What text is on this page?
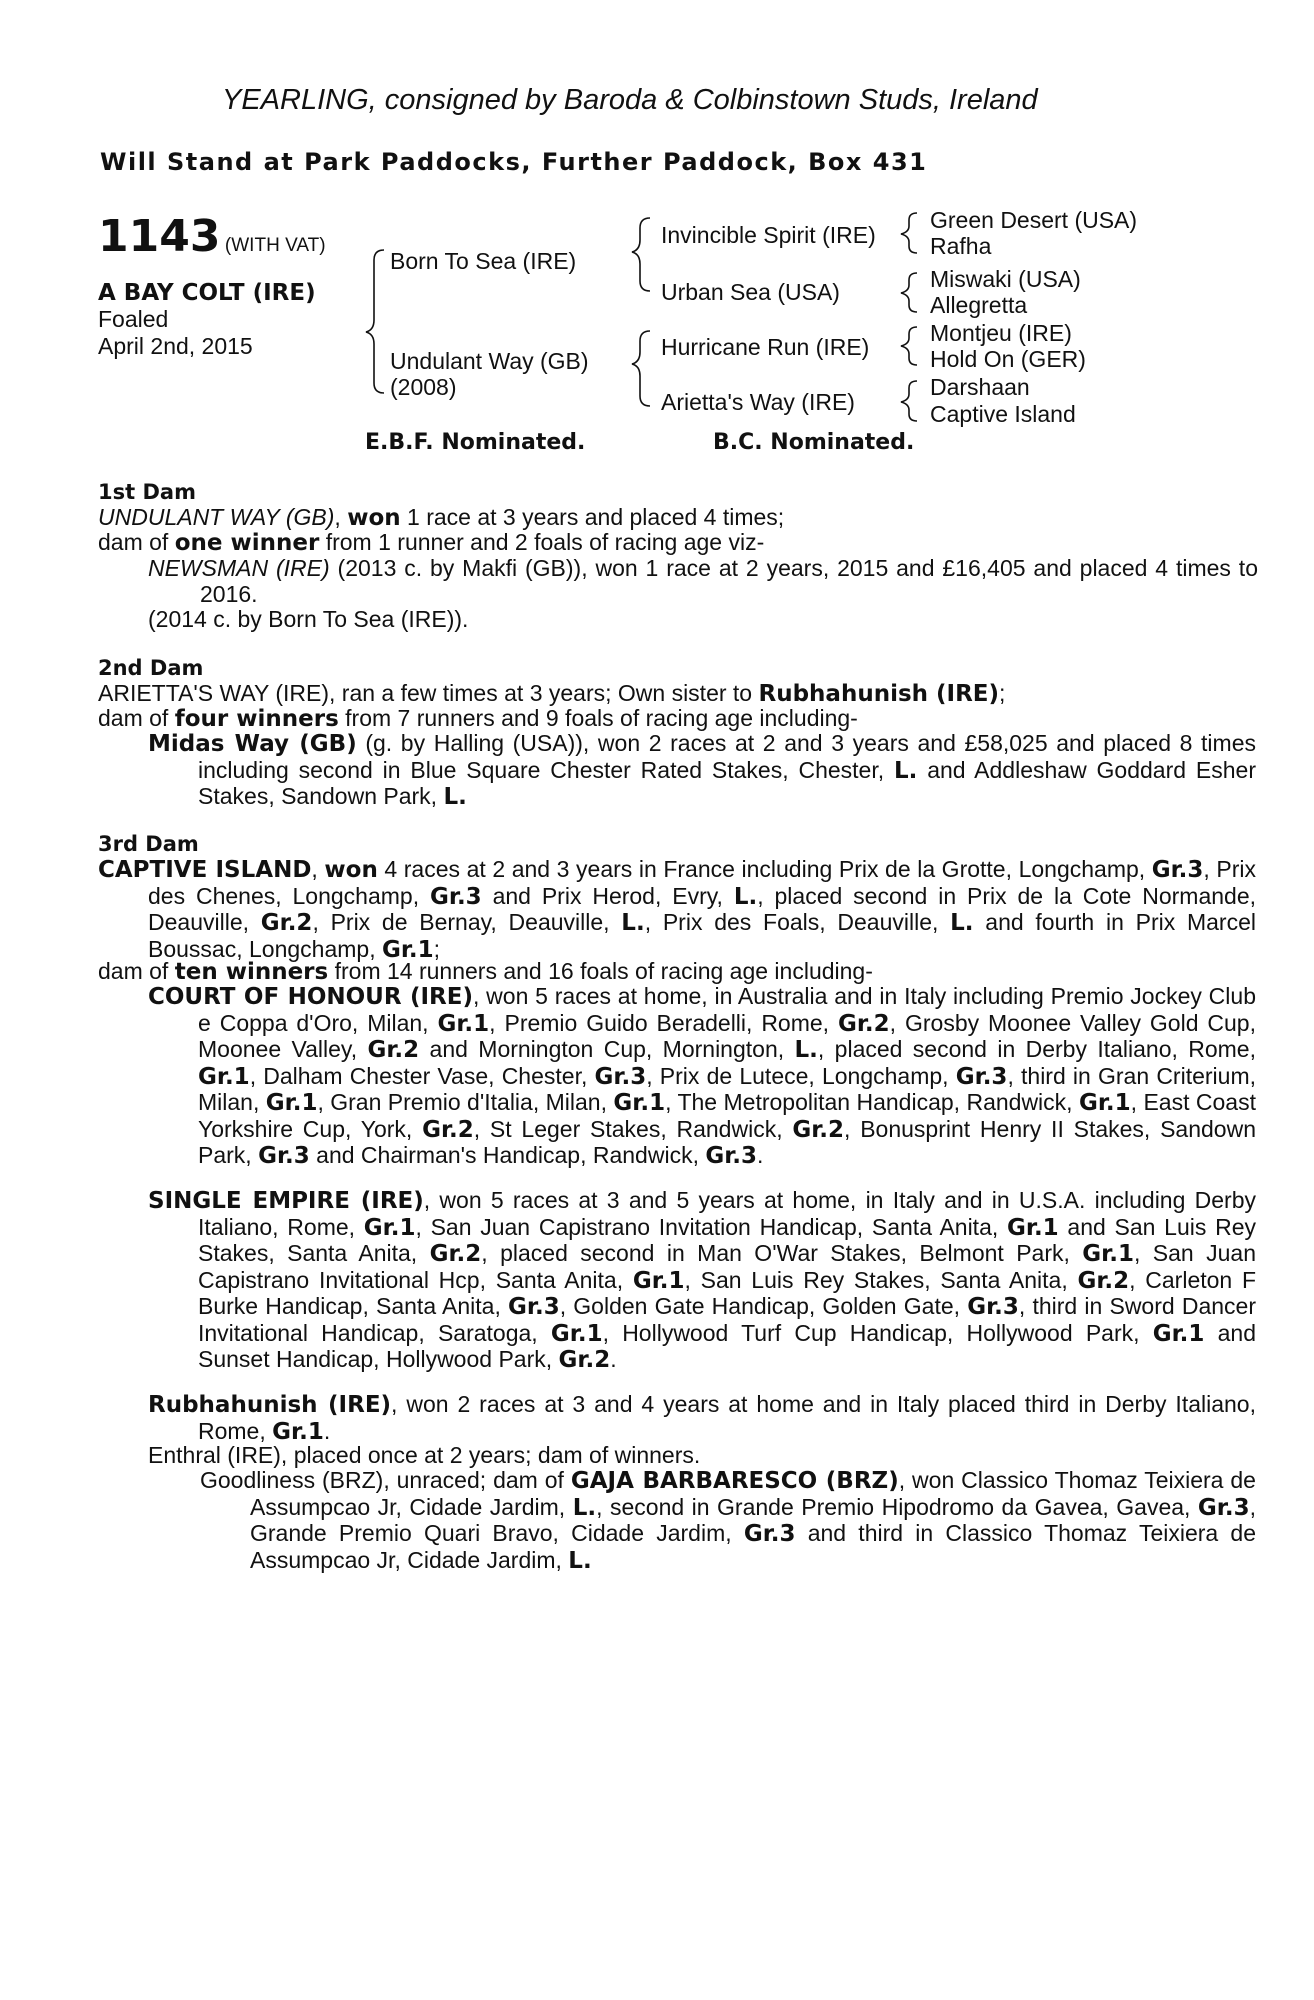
YEARLING, consigned by Baroda & Colbinstown Studs, Ireland
Will Stand at Park Paddocks, Further Paddock, Box 431
1143 (WITH VAT)
A BAY COLT (IRE)
Foaled
April 2nd, 2015
Born To Sea (IRE)
Undulant Way (GB)
(2008)
Invincible Spirit (IRE)
Urban Sea (USA)
Hurricane Run (IRE)
Arietta's Way (IRE)
Green Desert (USA)
Rafha
Miswaki (USA)
Allegretta
Montjeu (IRE)
Hold On (GER)
Darshaan
Captive Island
E.B.F. Nominated.	B.C. Nominated.
1st Dam
UNDULANT WAY (GB), won 1 race at 3 years and placed 4 times;
dam of one winner from 1 runner and 2 foals of racing age viz-
NEWSMAN (IRE) (2013 c. by Makfi (GB)), won 1 race at 2 years, 2015 and £16,405 and placed 4 times to 2016.
(2014 c. by Born To Sea (IRE)).
2nd Dam
ARIETTA'S WAY (IRE), ran a few times at 3 years; Own sister to Rubhahunish (IRE);
dam of four winners from 7 runners and 9 foals of racing age including-
Midas Way (GB) (g. by Halling (USA)), won 2 races at 2 and 3 years and £58,025 and placed 8 times including second in Blue Square Chester Rated Stakes, Chester, L. and Addleshaw Goddard Esher Stakes, Sandown Park, L.
3rd Dam
CAPTIVE ISLAND, won 4 races at 2 and 3 years in France including Prix de la Grotte, Longchamp, Gr.3, Prix des Chenes, Longchamp, Gr.3 and Prix Herod, Evry, L., placed second in Prix de la Cote Normande, Deauville, Gr.2, Prix de Bernay, Deauville, L., Prix des Foals, Deauville, L. and fourth in Prix Marcel Boussac, Longchamp, Gr.1;
dam of ten winners from 14 runners and 16 foals of racing age including-
COURT OF HONOUR (IRE), won 5 races at home, in Australia and in Italy including Premio Jockey Club e Coppa d'Oro, Milan, Gr.1, Premio Guido Beradelli, Rome, Gr.2, Grosby Moonee Valley Gold Cup, Moonee Valley, Gr.2 and Mornington Cup, Mornington, L., placed second in Derby Italiano, Rome, Gr.1, Dalham Chester Vase, Chester, Gr.3, Prix de Lutece, Longchamp, Gr.3, third in Gran Criterium, Milan, Gr.1, Gran Premio d'Italia, Milan, Gr.1, The Metropolitan Handicap, Randwick, Gr.1, East Coast Yorkshire Cup, York, Gr.2, St Leger Stakes, Randwick, Gr.2, Bonusprint Henry II Stakes, Sandown Park, Gr.3 and Chairman's Handicap, Randwick, Gr.3.
SINGLE EMPIRE (IRE), won 5 races at 3 and 5 years at home, in Italy and in U.S.A. including Derby Italiano, Rome, Gr.1, San Juan Capistrano Invitation Handicap, Santa Anita, Gr.1 and San Luis Rey Stakes, Santa Anita, Gr.2, placed second in Man O'War Stakes, Belmont Park, Gr.1, San Juan Capistrano Invitational Hcp, Santa Anita, Gr.1, San Luis Rey Stakes, Santa Anita, Gr.2, Carleton F Burke Handicap, Santa Anita, Gr.3, Golden Gate Handicap, Golden Gate, Gr.3, third in Sword Dancer Invitational Handicap, Saratoga, Gr.1, Hollywood Turf Cup Handicap, Hollywood Park, Gr.1 and Sunset Handicap, Hollywood Park, Gr.2.
Rubhahunish (IRE), won 2 races at 3 and 4 years at home and in Italy placed third in Derby Italiano, Rome, Gr.1.
Enthral (IRE), placed once at 2 years; dam of winners.
Goodliness (BRZ), unraced; dam of GAJA BARBARESCO (BRZ), won Classico Thomaz Teixiera de Assumpcao Jr, Cidade Jardim, L., second in Grande Premio Hipodromo da Gavea, Gavea, Gr.3, Grande Premio Quari Bravo, Cidade Jardim, Gr.3 and third in Classico Thomaz Teixiera de Assumpcao Jr, Cidade Jardim, L.
